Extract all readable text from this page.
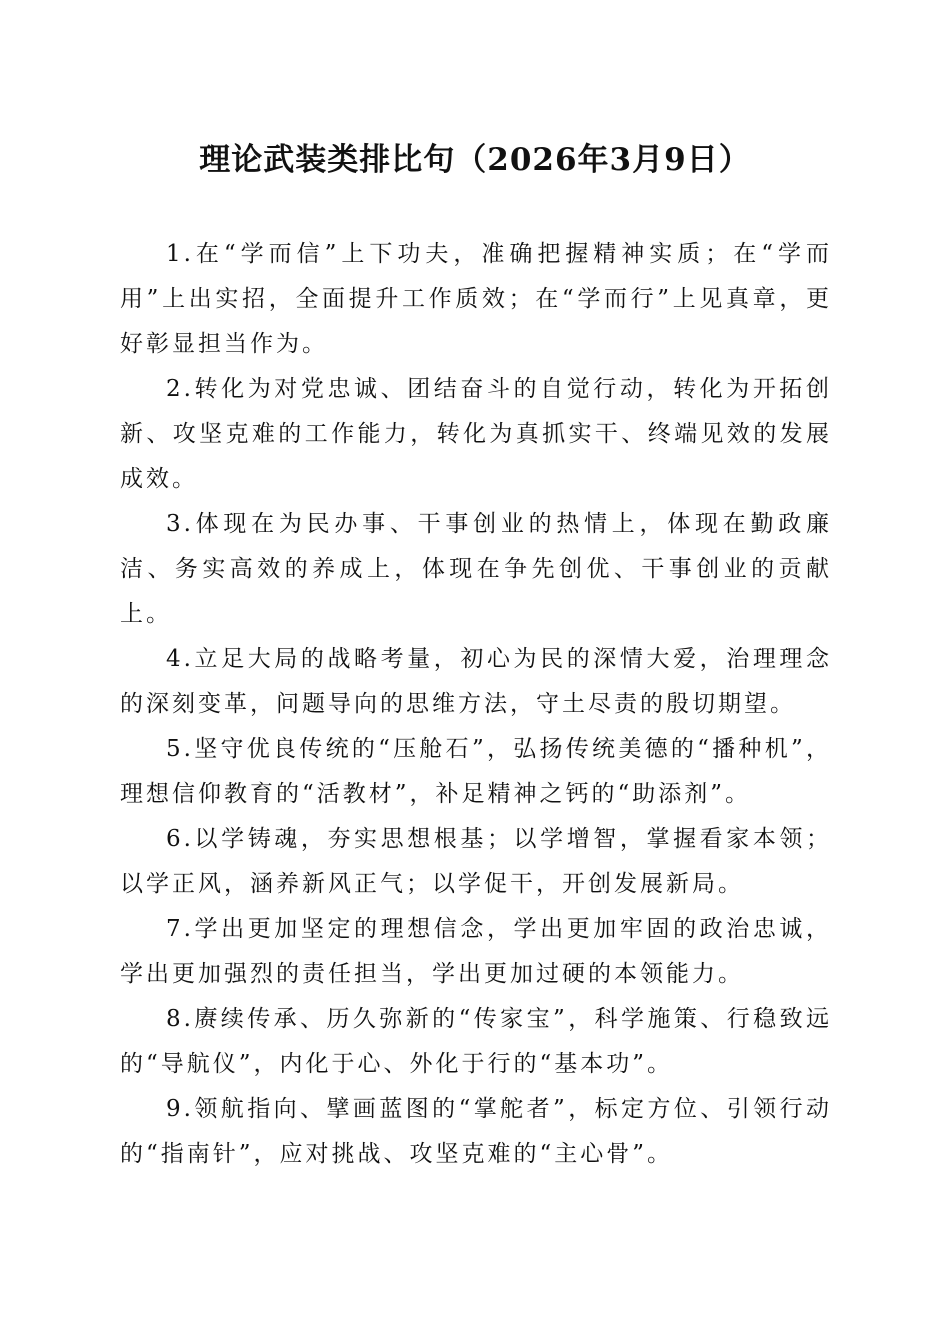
理论武装类排比句（2026年3月9日）

1.在“学而信”上下功夫，准确把握精神实质；在“学而用”上出实招，全面提升工作质效；在“学而行”上见真章，更好彰显担当作为。

2.转化为对党忠诚、团结奋斗的自觉行动，转化为开拓创新、攻坚克难的工作能力，转化为真抓实干、终端见效的发展成效。

3.体现在为民办事、干事创业的热情上，体现在勤政廉洁、务实高效的养成上，体现在争先创优、干事创业的贡献上。

4.立足大局的战略考量，初心为民的深情大爱，治理理念的深刻变革，问题导向的思维方法，守土尽责的殷切期望。

5.坚守优良传统的“压舱石”，弘扬传统美德的“播种机”，理想信仰教育的“活教材”，补足精神之钙的“助添剂”。

6.以学铸魂，夯实思想根基；以学增智，掌握看家本领；以学正风，涵养新风正气；以学促干，开创发展新局。

7.学出更加坚定的理想信念，学出更加牢固的政治忠诚，学出更加强烈的责任担当，学出更加过硬的本领能力。

8.赓续传承、历久弥新的“传家宝”，科学施策、行稳致远的“导航仪”，内化于心、外化于行的“基本功”。

9.领航指向、擘画蓝图的“掌舵者”，标定方位、引领行动的“指南针”，应对挑战、攻坚克难的“主心骨”。
